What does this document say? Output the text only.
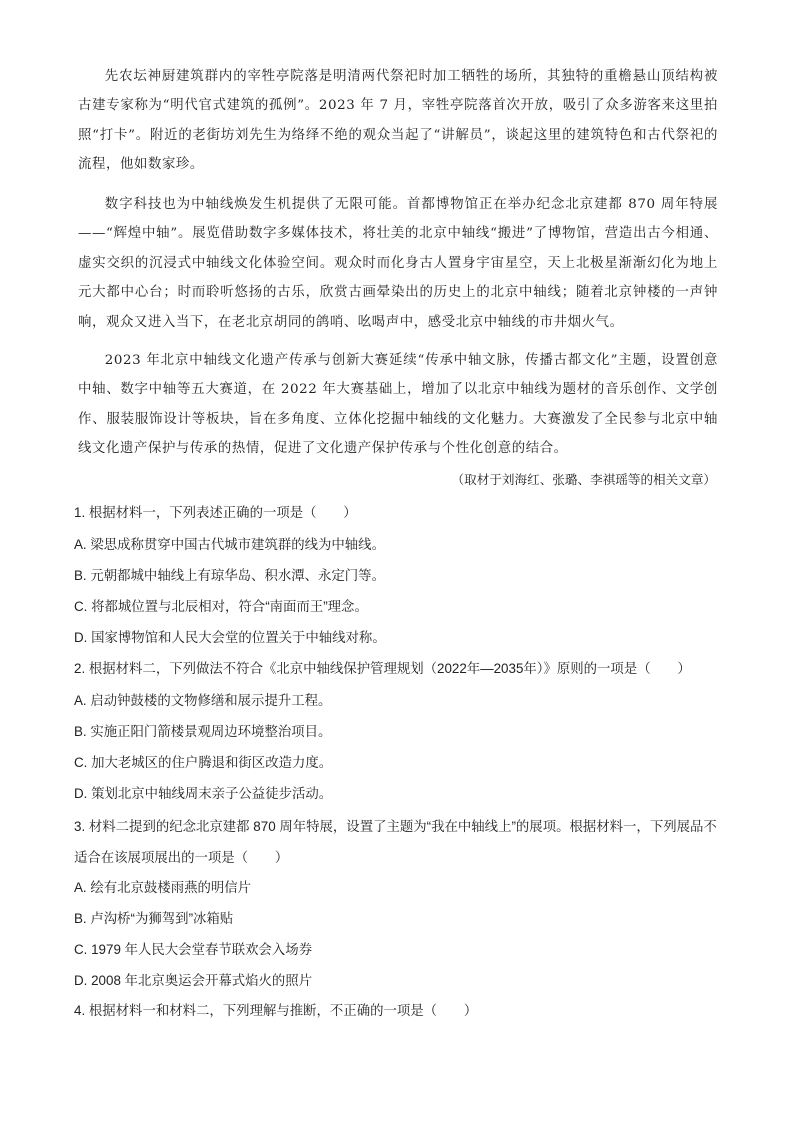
先农坛神厨建筑群内的宰牲亭院落是明清两代祭祀时加工牺牲的场所，其独特的重檐悬山顶结构被古建专家称为“明代官式建筑的孤例”。2023 年 7 月，宰牲亭院落首次开放，吸引了众多游客来这里拍照“打卡”。附近的老街坊刘先生为络绎不绝的观众当起了“讲解员”，谈起这里的建筑特色和古代祭祀的流程，他如数家珍。

数字科技也为中轴线焕发生机提供了无限可能。首都博物馆正在举办纪念北京建都 870 周年特展——“辉煌中轴”。展览借助数字多媒体技术，将壮美的北京中轴线“搬进”了博物馆，营造出古今相通、虚实交织的沉浸式中轴线文化体验空间。观众时而化身古人置身宇宙星空，天上北极星渐渐幻化为地上元大都中心台；时而聆听悠扬的古乐，欣赏古画晕染出的历史上的北京中轴线；随着北京钟楼的一声钟响，观众又进入当下，在老北京胡同的鸽哨、吆喝声中，感受北京中轴线的市井烟火气。

2023 年北京中轴线文化遗产传承与创新大赛延续“传承中轴文脉，传播古都文化”主题，设置创意中轴、数字中轴等五大赛道，在 2022 年大赛基础上，增加了以北京中轴线为题材的音乐创作、文学创作、服装服饰设计等板块，旨在多角度、立体化挖掘中轴线的文化魅力。大赛激发了全民参与北京中轴线文化遗产保护与传承的热情，促进了文化遗产保护传承与个性化创意的结合。

（取材于刘海红、张璐、李祺瑶等的相关文章）

1. 根据材料一，下列表述正确的一项是（　　）

A. 梁思成称贯穿中国古代城市建筑群的线为中轴线。

B. 元朝都城中轴线上有琼华岛、积水潭、永定门等。

C. 将都城位置与北辰相对，符合“南面而王”理念。

D. 国家博物馆和人民大会堂的位置关于中轴线对称。

2. 根据材料二，下列做法不符合《北京中轴线保护管理规划（2022年—2035年）》原则的一项是（　　）

A. 启动钟鼓楼的文物修缮和展示提升工程。

B. 实施正阳门箭楼景观周边环境整治项目。

C. 加大老城区的住户腾退和街区改造力度。

D. 策划北京中轴线周末亲子公益徒步活动。

3. 材料二提到的纪念北京建都 870 周年特展，设置了主题为“我在中轴线上”的展项。根据材料一，下列展品不适合在该展项展出的一项是（　　）

A. 绘有北京鼓楼雨燕的明信片

B. 卢沟桥“为狮驾到”冰箱贴

C. 1979 年人民大会堂春节联欢会入场券

D. 2008 年北京奥运会开幕式焰火的照片

4. 根据材料一和材料二，下列理解与推断，不正确的一项是（　　）
